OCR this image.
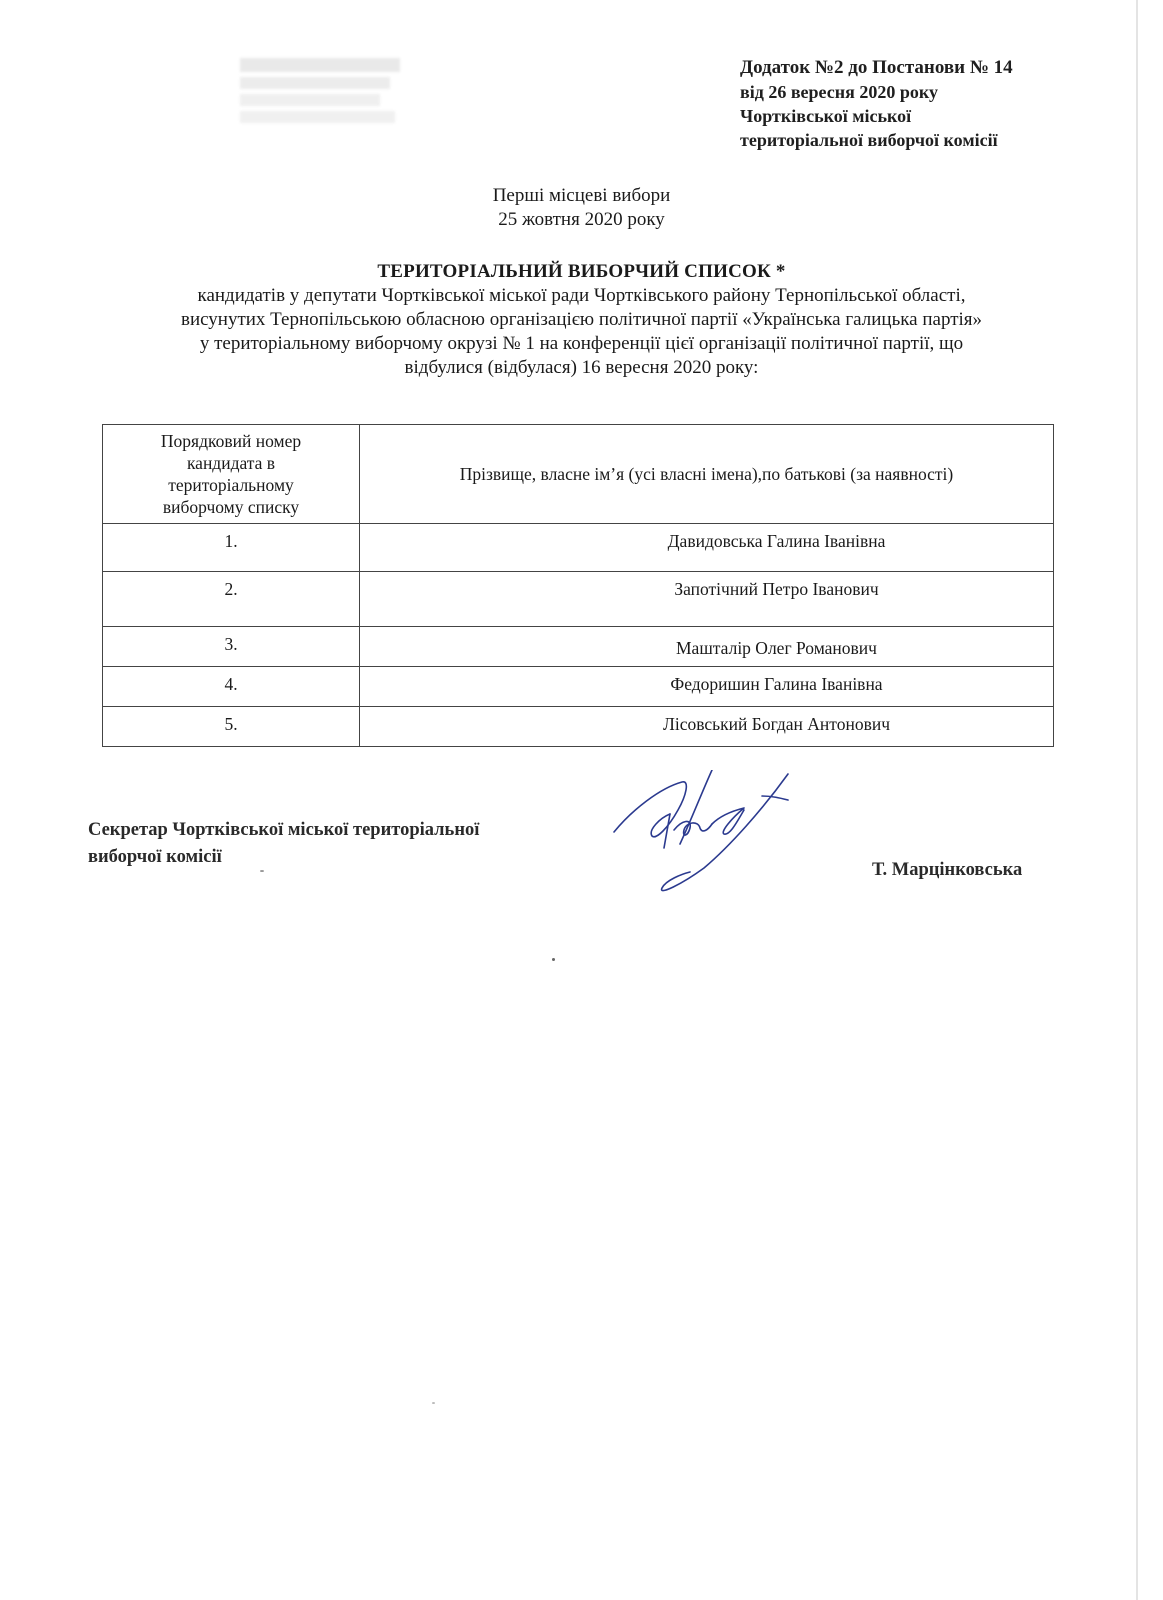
Додаток №2 до Постанови № 14
від 26 вересня 2020 року
Чортківської міської
територіальної виборчої комісії
Перші місцеві вибори
25 жовтня 2020 року
ТЕРИТОРІАЛЬНИЙ ВИБОРЧИЙ СПИСОК *
кандидатів у депутати Чортківської міської ради Чортківського району Тернопільської області,
висунутих Тернопільською обласною організацією політичної партії «Українська галицька партія»
у територіальному виборчому окрузі № 1 на конференції цієї організації політичної партії, що
відбулися (відбулася) 16 вересня 2020 року:
Порядковий номер
кандидата в
територіальному
виборчому списку	Прізвище, власне ім’я (усі власні імена),по батькові (за наявності)
1.	Давидовська Галина Іванівна
2.	Запотічний Петро Іванович
3.	Машталір Олег Романович
4.	Федоришин Галина Іванівна
5.	Лісовський Богдан Антонович
Секретар Чортківської міської територіальної
виборчої комісії
Т. Марцінковська
